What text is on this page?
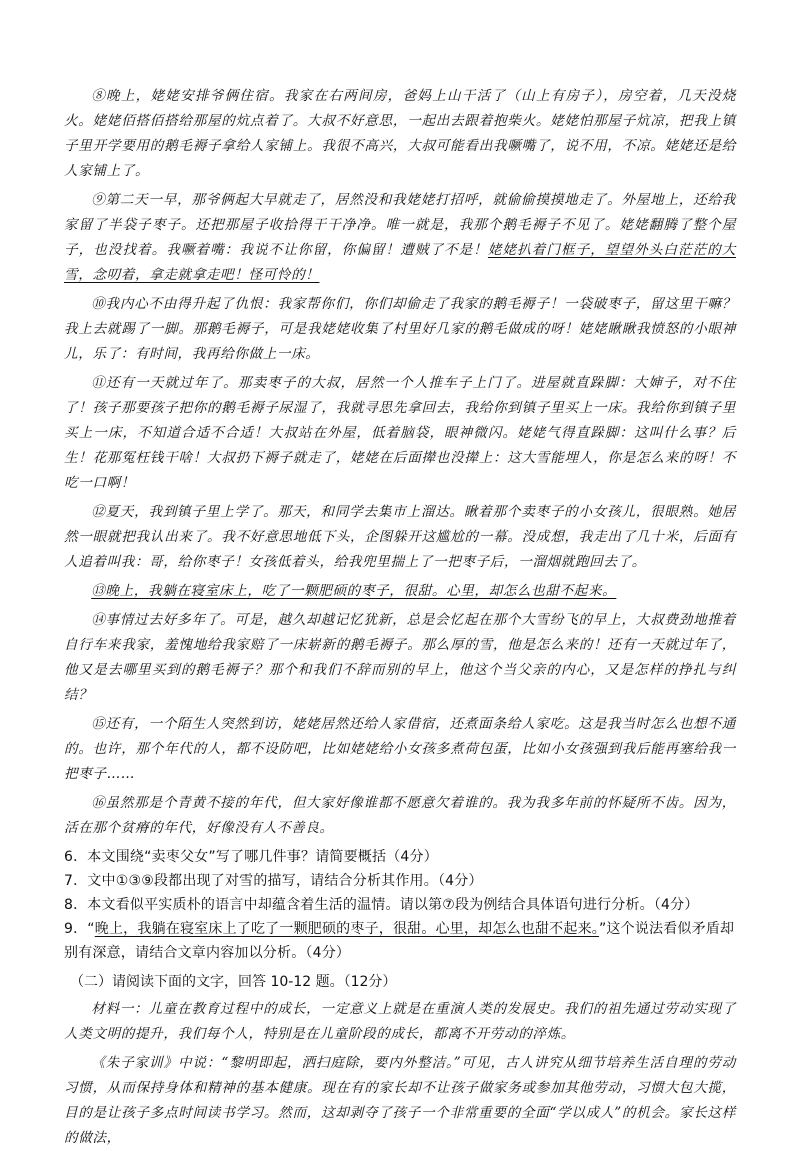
⑧晚上，姥姥安排爷俩住宿。我家在右两间房，爸妈上山干活了（山上有房子），房空着，几天没烧火。姥姥佰搭佰搭给那屋的炕点着了。大叔不好意思，一起出去跟着抱柴火。姥姥怕那屋子炕凉，把我上镇子里开学要用的鹅毛褥子拿给人家铺上。我很不高兴，大叔可能看出我噘嘴了，说不用，不凉。姥姥还是给人家铺上了。

⑨第二天一早，那爷俩起大早就走了，居然没和我姥姥打招呼，就偷偷摸摸地走了。外屋地上，还给我家留了半袋子枣子。还把那屋子收拾得干干净净。唯一就是，我那个鹅毛褥子不见了。姥姥翻腾了整个屋子，也没找着。我噘着嘴：我说不让你留，你偏留！遭贼了不是！姥姥扒着门框子，望望外头白茫茫的大雪，念叨着，拿走就拿走吧！怪可怜的！

⑩我内心不由得升起了仇恨：我家帮你们，你们却偷走了我家的鹅毛褥子！一袋破枣子，留这里干嘛？我上去就踢了一脚。那鹅毛褥子，可是我姥姥收集了村里好几家的鹅毛做成的呀！姥姥瞅瞅我愤怒的小眼神儿，乐了：有时间，我再给你做上一床。

⑪还有一天就过年了。那卖枣子的大叔，居然一个人推车子上门了。进屋就直跺脚：大婶子，对不住了！孩子那要孩子把你的鹅毛褥子尿湿了，我就寻思先拿回去，我给你到镇子里买上一床。我给你到镇子里买上一床，不知道合适不合适！大叔站在外屋，低着脑袋，眼神微闪。姥姥气得直跺脚：这叫什么事？后生！花那冤枉钱干啥！大叔扔下褥子就走了，姥姥在后面撵也没撵上：这大雪能埋人，你是怎么来的呀！不吃一口啊！

⑫夏天，我到镇子里上学了。那天，和同学去集市上溜达。瞅着那个卖枣子的小女孩儿，很眼熟。她居然一眼就把我认出来了。我不好意思地低下头，企图躲开这尴尬的一幕。没成想，我走出了几十米，后面有人追着叫我：哥，给你枣子！女孩低着头，给我兜里揣上了一把枣子后，一溜烟就跑回去了。

⑬晚上，我躺在寝室床上，吃了一颗肥硕的枣子，很甜。心里，却怎么也甜不起来。

⑭事情过去好多年了。可是，越久却越记忆犹新，总是会忆起在那个大雪纷飞的早上，大叔费劲地推着自行车来我家，羞愧地给我家赔了一床崭新的鹅毛褥子。那么厚的雪，他是怎么来的！还有一天就过年了，他又是去哪里买到的鹅毛褥子？那个和我们不辞而别的早上，他这个当父亲的内心，又是怎样的挣扎与纠结？

⑮还有，一个陌生人突然到访，姥姥居然还给人家借宿，还煮面条给人家吃。这是我当时怎么也想不通的。也许，那个年代的人，都不设防吧，比如姥姥给小女孩多煮荷包蛋，比如小女孩强到我后能再塞给我一把枣子……

⑯虽然那是个青黄不接的年代，但大家好像谁都不愿意欠着谁的。我为我多年前的怀疑所不齿。因为，活在那个贫瘠的年代，好像没有人不善良。

6．本文围绕“卖枣父女”写了哪几件事？请简要概括（4分）

7．文中①③⑨段都出现了对雪的描写，请结合分析其作用。（4分）

8．本文看似平实质朴的语言中却蕴含着生活的温情。请以第⑦段为例结合具体语句进行分析。（4分）

9．“晚上，我躺在寝室床上了吃了一颗肥硕的枣子，很甜。心里，却怎么也甜不起来。”这个说法看似矛盾却别有深意，请结合文章内容加以分析。（4分）

（二）请阅读下面的文字，回答 10-12 题。（12分）

材料一：儿童在教育过程中的成长，一定意义上就是在重演人类的发展史。我们的祖先通过劳动实现了人类文明的提升，我们每个人，特别是在儿童阶段的成长，都离不开劳动的淬炼。

《朱子家训》中说：“黎明即起，洒扫庭除，要内外整洁。”可见，古人讲究从细节培养生活自理的劳动习惯，从而保持身体和精神的基本健康。现在有的家长却不让孩子做家务或参加其他劳动，习惯大包大揽，目的是让孩子多点时间读书学习。然而，这却剥夺了孩子一个非常重要的全面“学以成人”的机会。家长这样的做法，
